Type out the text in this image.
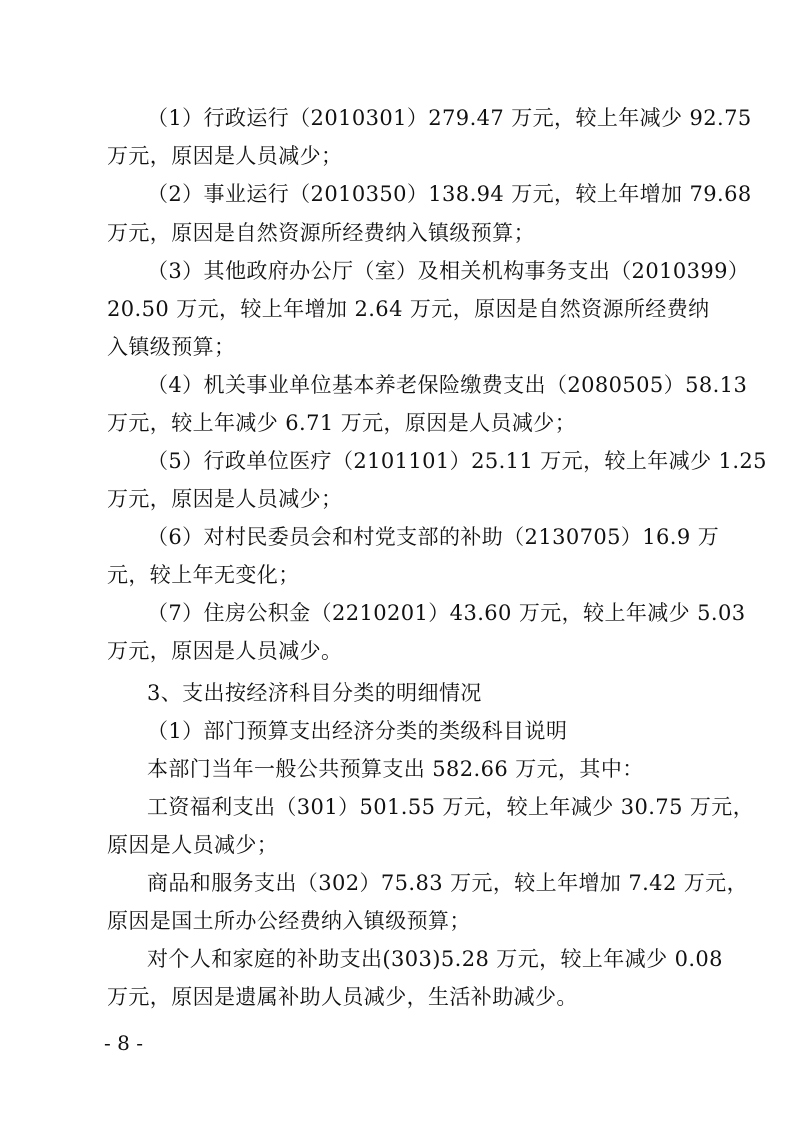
（1）行政运行（2010301）279.47 万元，较上年减少 92.75
万元，原因是人员减少；
（2）事业运行（2010350）138.94 万元，较上年增加 79.68
万元，原因是自然资源所经费纳入镇级预算；
（3）其他政府办公厅（室）及相关机构事务支出（2010399）
20.50 万元，较上年增加 2.64 万元，原因是自然资源所经费纳
入镇级预算；
（4）机关事业单位基本养老保险缴费支出（2080505）58.13
万元，较上年减少 6.71 万元，原因是人员减少；
（5）行政单位医疗（2101101）25.11 万元，较上年减少 1.25
万元，原因是人员减少；
（6）对村民委员会和村党支部的补助（2130705）16.9 万
元，较上年无变化；
（7）住房公积金（2210201）43.60 万元，较上年减少 5.03
万元，原因是人员减少。
3、支出按经济科目分类的明细情况
（1）部门预算支出经济分类的类级科目说明
本部门当年一般公共预算支出 582.66 万元，其中：
工资福利支出（301）501.55 万元，较上年减少 30.75 万元，
原因是人员减少；
商品和服务支出（302）75.83 万元，较上年增加 7.42 万元，
原因是国土所办公经费纳入镇级预算；
对个人和家庭的补助支出(303)5.28 万元，较上年减少 0.08
万元，原因是遗属补助人员减少，生活补助减少。
- 8 -
